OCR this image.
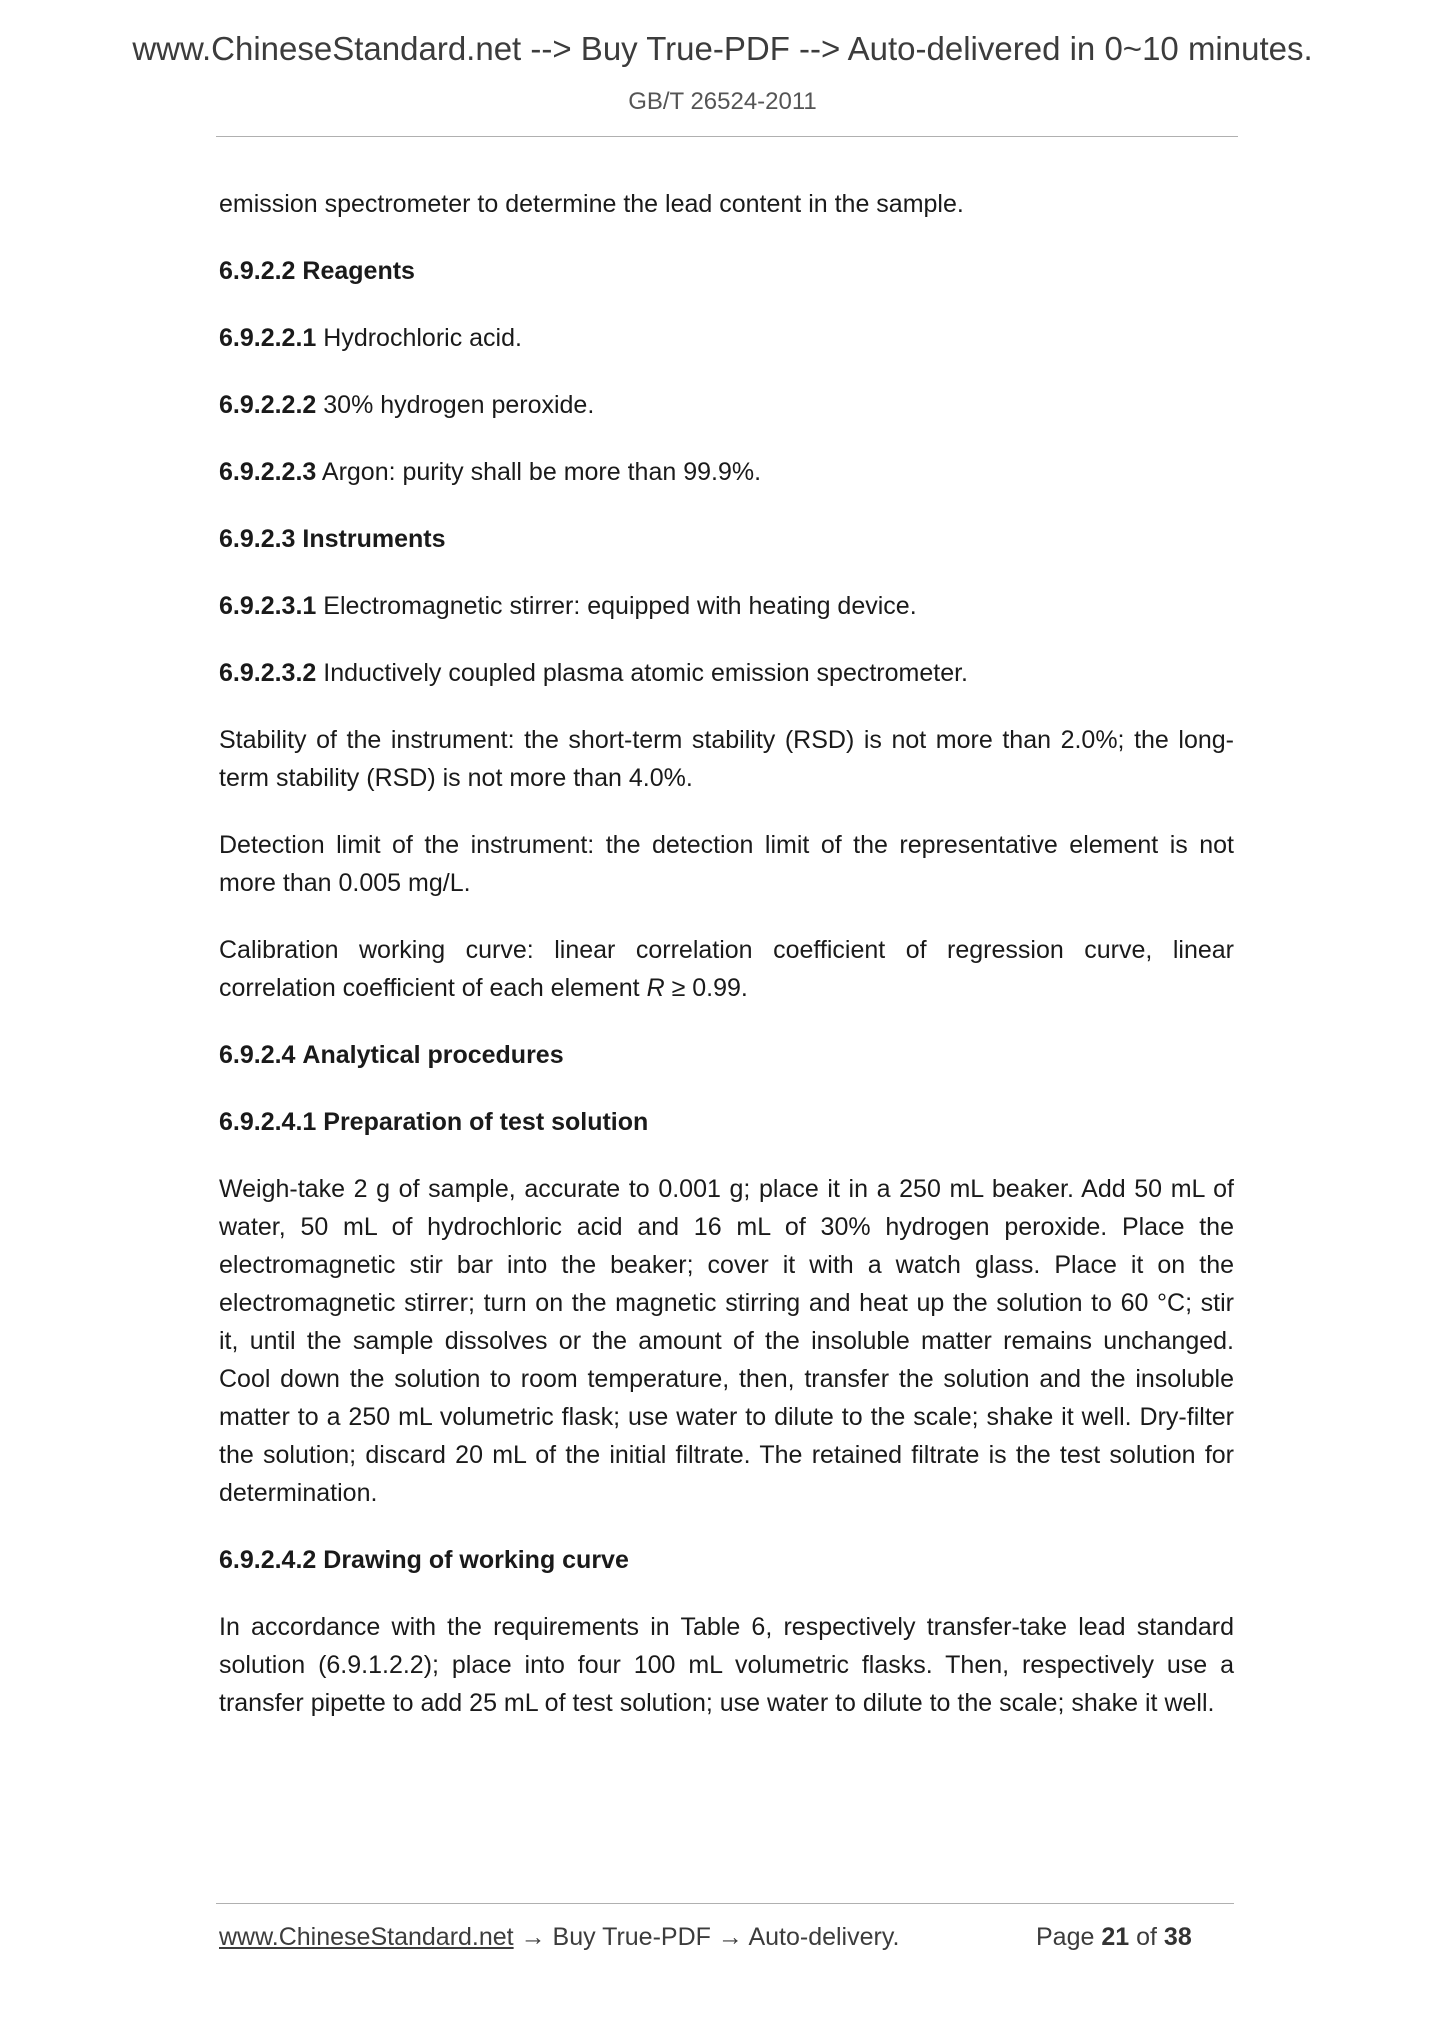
www.ChineseStandard.net --> Buy True-PDF --> Auto-delivered in 0~10 minutes.
GB/T 26524-2011

emission spectrometer to determine the lead content in the sample.

6.9.2.2 Reagents

6.9.2.2.1 Hydrochloric acid.

6.9.2.2.2 30% hydrogen peroxide.

6.9.2.2.3 Argon: purity shall be more than 99.9%.

6.9.2.3 Instruments

6.9.2.3.1 Electromagnetic stirrer: equipped with heating device.

6.9.2.3.2 Inductively coupled plasma atomic emission spectrometer.

Stability of the instrument: the short-term stability (RSD) is not more than 2.0%; the long-term stability (RSD) is not more than 4.0%.

Detection limit of the instrument: the detection limit of the representative element is not more than 0.005 mg/L.

Calibration working curve: linear correlation coefficient of regression curve, linear correlation coefficient of each element R ≥ 0.99.

6.9.2.4 Analytical procedures

6.9.2.4.1 Preparation of test solution

Weigh-take 2 g of sample, accurate to 0.001 g; place it in a 250 mL beaker. Add 50 mL of water, 50 mL of hydrochloric acid and 16 mL of 30% hydrogen peroxide. Place the electromagnetic stir bar into the beaker; cover it with a watch glass. Place it on the electromagnetic stirrer; turn on the magnetic stirring and heat up the solution to 60 °C; stir it, until the sample dissolves or the amount of the insoluble matter remains unchanged. Cool down the solution to room temperature, then, transfer the solution and the insoluble matter to a 250 mL volumetric flask; use water to dilute to the scale; shake it well. Dry-filter the solution; discard 20 mL of the initial filtrate. The retained filtrate is the test solution for determination.

6.9.2.4.2 Drawing of working curve

In accordance with the requirements in Table 6, respectively transfer-take lead standard solution (6.9.1.2.2); place into four 100 mL volumetric flasks. Then, respectively use a transfer pipette to add 25 mL of test solution; use water to dilute to the scale; shake it well.

www.ChineseStandard.net → Buy True-PDF → Auto-delivery.	Page 21 of 38
